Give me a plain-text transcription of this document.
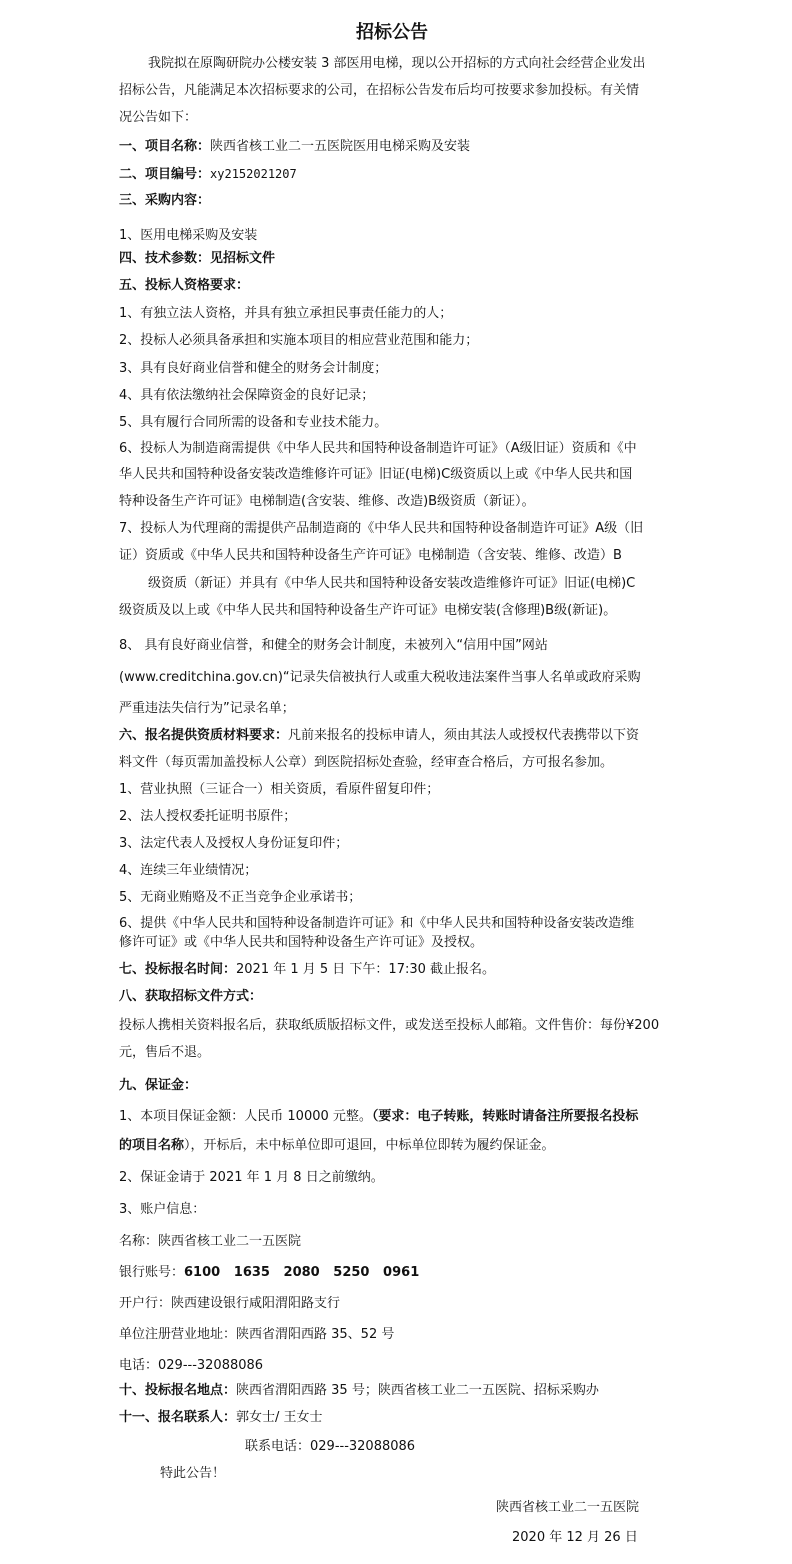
招标公告
我院拟在原陶研院办公楼安装 3 部医用电梯，现以公开招标的方式向社会经营企业发出
招标公告，凡能满足本次招标要求的公司，在招标公告发布后均可按要求参加投标。有关情
况公告如下：
一、项目名称：陕西省核工业二一五医院医用电梯采购及安装
二、项目编号：xy2152021207
三、采购内容：
1、医用电梯采购及安装
四、技术参数：见招标文件
五、投标人资格要求：
1、有独立法人资格，并具有独立承担民事责任能力的人；
2、投标人必须具备承担和实施本项目的相应营业范围和能力；
3、具有良好商业信誉和健全的财务会计制度；
4、具有依法缴纳社会保障资金的良好记录；
5、具有履行合同所需的设备和专业技术能力。
6、投标人为制造商需提供《中华人民共和国特种设备制造许可证》（A级旧证）资质和《中
华人民共和国特种设备安装改造维修许可证》旧证(电梯)C级资质以上或《中华人民共和国
特种设备生产许可证》电梯制造(含安装、维修、改造)B级资质（新证）。
7、投标人为代理商的需提供产品制造商的《中华人民共和国特种设备制造许可证》A级（旧
证）资质或《中华人民共和国特种设备生产许可证》电梯制造（含安装、维修、改造）B
级资质（新证）并具有《中华人民共和国特种设备安装改造维修许可证》旧证(电梯)C
级资质及以上或《中华人民共和国特种设备生产许可证》电梯安装(含修理)B级(新证)。
8、 具有良好商业信誉，和健全的财务会计制度，未被列入“信用中国”网站
(www.creditchina.gov.cn)“记录失信被执行人或重大税收违法案件当事人名单或政府采购
严重违法失信行为”记录名单；
六、报名提供资质材料要求：凡前来报名的投标申请人，须由其法人或授权代表携带以下资
料文件（每页需加盖投标人公章）到医院招标处查验，经审查合格后，方可报名参加。
1、营业执照（三证合一）相关资质，看原件留复印件；
2、法人授权委托证明书原件；
3、法定代表人及授权人身份证复印件；
4、连续三年业绩情况；
5、无商业贿赂及不正当竞争企业承诺书；
6、提供《中华人民共和国特种设备制造许可证》和《中华人民共和国特种设备安装改造维
修许可证》或《中华人民共和国特种设备生产许可证》及授权。
七、投标报名时间：2021 年 1 月 5 日 下午：17:30 截止报名。
八、获取招标文件方式：
投标人携相关资料报名后，获取纸质版招标文件，或发送至投标人邮箱。文件售价：每份¥200
元，售后不退。
九、保证金：
1、本项目保证金额：人民币 10000 元整。（要求：电子转账，转账时请备注所要报名投标
的项目名称），开标后，未中标单位即可退回，中标单位即转为履约保证金。
2、保证金请于 2021 年 1 月 8 日之前缴纳。
3、账户信息：
名称：陕西省核工业二一五医院
银行账号：6100   1635   2080   5250   0961
开户行：陕西建设银行咸阳渭阳路支行
单位注册营业地址：陕西省渭阳西路 35、52 号
电话：029---32088086
十、投标报名地点：陕西省渭阳西路 35 号；陕西省核工业二一五医院、招标采购办
十一、报名联系人：郭女士/ 王女士
联系电话：029---32088086
特此公告！
陕西省核工业二一五医院
2020 年 12 月 26 日
